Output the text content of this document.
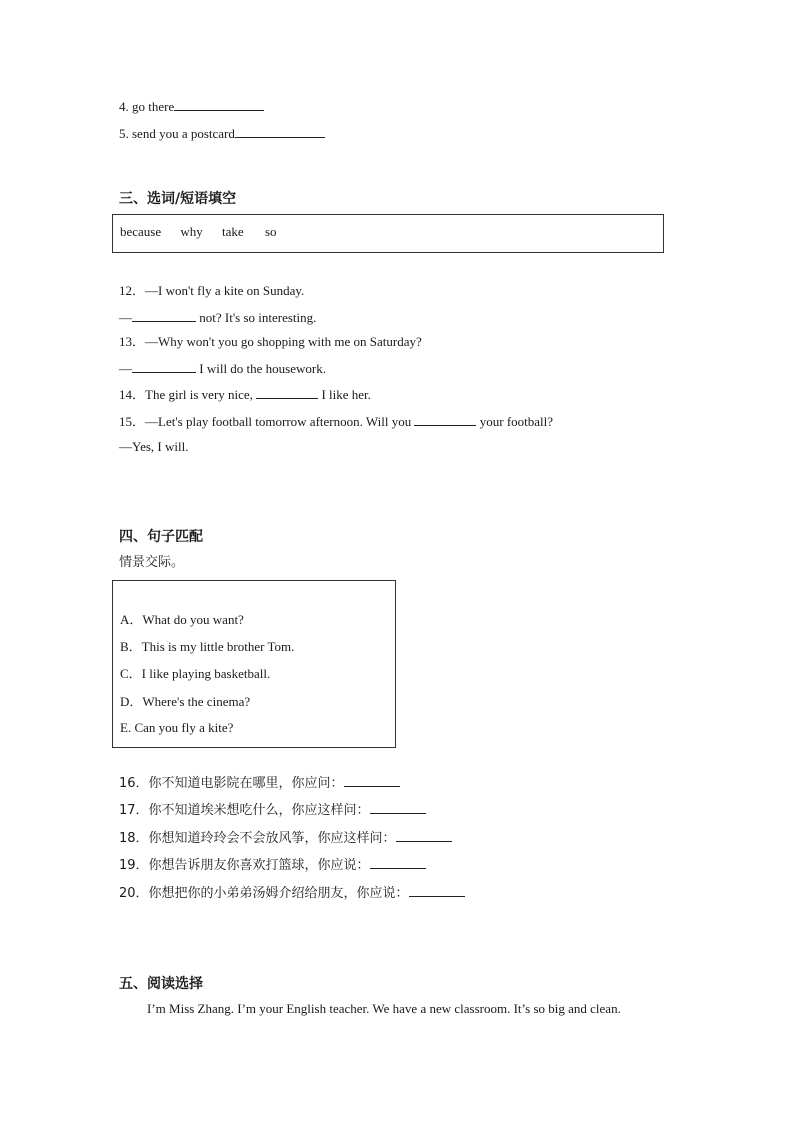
4. go there
5. send you a postcard
三、选词/短语填空
because why take so
12．—I won't fly a kite on Sunday.
—	not? It's so interesting.
13．—Why won't you go shopping with me on Saturday?
—	I will do the housework.
14．The girl is very nice,	I like her.
15．—Let's play football tomorrow afternoon. Will you	your football?
—Yes, I will.
四、句子匹配
情景交际。
A．What do you want?
B．This is my little brother Tom.
C．I like playing basketball.
D．Where's the cinema?
E. Can you fly a kite?
16．你不知道电影院在哪里，你应问：
17．你不知道埃米想吃什么，你应这样问：
18．你想知道玲玲会不会放风筝，你应这样问：
19．你想告诉朋友你喜欢打篮球，你应说：
20．你想把你的小弟弟汤姆介绍给朋友，你应说：
五、阅读选择
I’m Miss Zhang. I’m your English teacher. We have a new classroom. It’s so big and clean.
